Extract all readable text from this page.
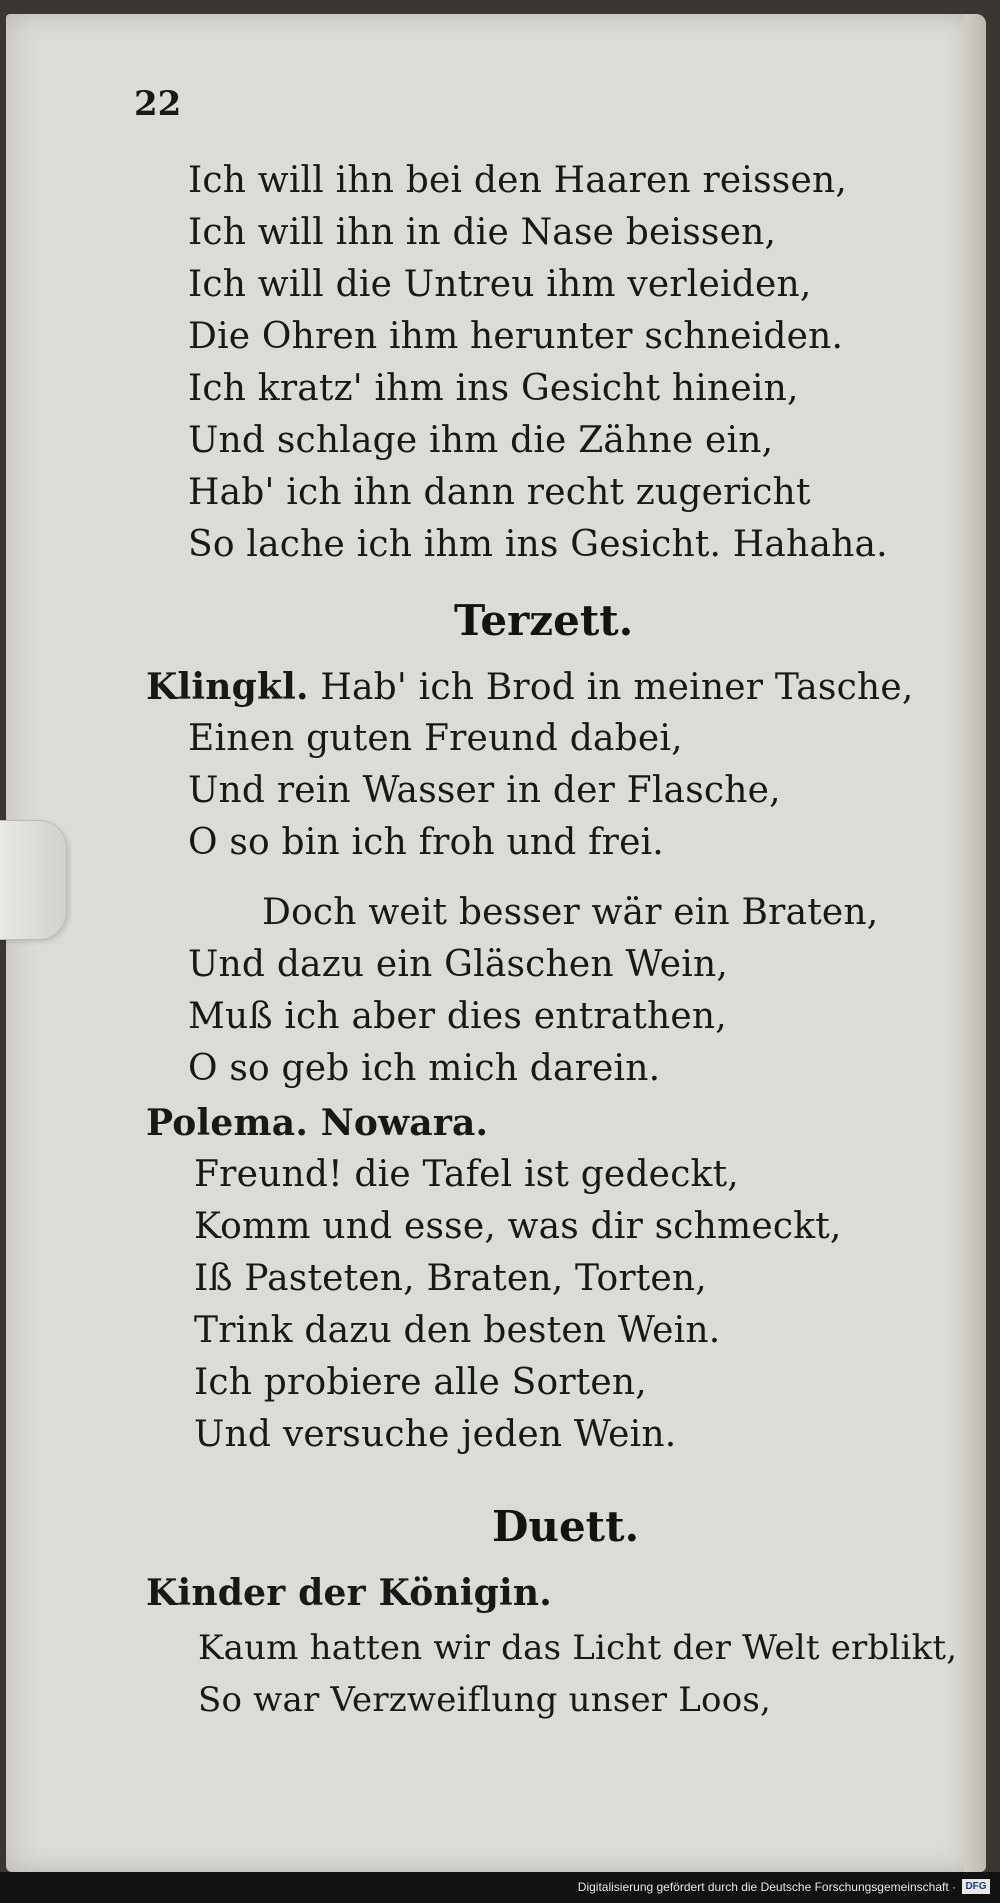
22
Ich will ihn bei den Haaren reissen,
Ich will ihn in die Nase beissen,
Ich will die Untreu ihm verleiden,
Die Ohren ihm herunter schneiden.
Ich kratz' ihm ins Gesicht hinein,
Und schlage ihm die Zähne ein,
Hab' ich ihn dann recht zugericht
So lache ich ihm ins Gesicht. Hahaha.
Terzett.
Klingkl. Hab' ich Brod in meiner Tasche,
Einen guten Freund dabei,
Und rein Wasser in der Flasche,
O so bin ich froh und frei.
Doch weit besser wär ein Braten,
Und dazu ein Gläschen Wein,
Muß ich aber dies entrathen,
O so geb ich mich darein.
Polema. Nowara.
Freund! die Tafel ist gedeckt,
Komm und esse, was dir schmeckt,
Iß Pasteten, Braten, Torten,
Trink dazu den besten Wein.
Ich probiere alle Sorten,
Und versuche jeden Wein.
Duett.
Kinder der Königin.
Kaum hatten wir das Licht der Welt erblikt,
So war Verzweiflung unser Loos,
Digitalisierung gefördert durch die Deutsche Forschungsgemeinschaft · DFG
